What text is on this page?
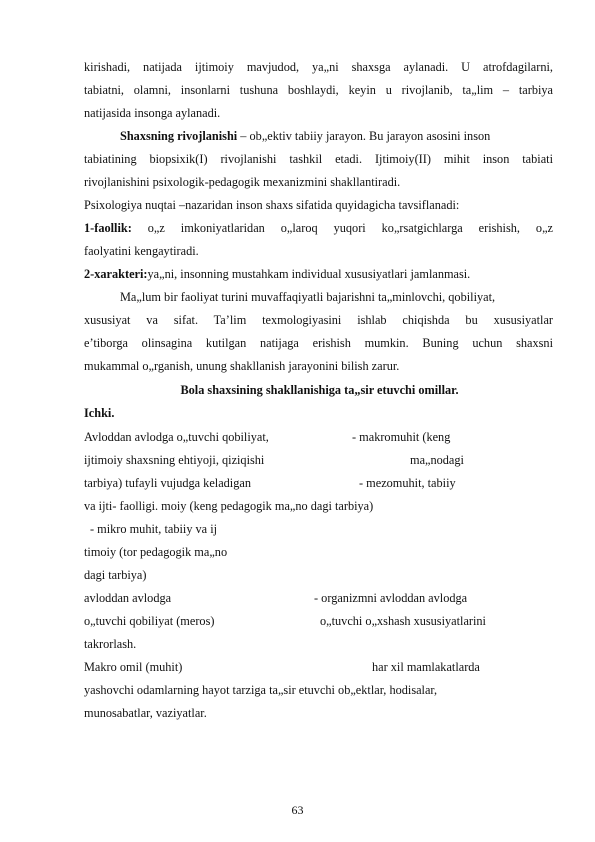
kirishadi, natijada ijtimoiy mavjudod, ya„ni shaxsga aylanadi. U atrofdagilarni,
tabiatni, olamni, insonlarni tushuna boshlaydi, keyin u rivojlanib, ta„lim – tarbiya
natijasida insonga aylanadi.
Shaxsning rivojlanishi – ob„ektiv tabiiy jarayon. Bu jarayon asosini inson
tabiatining biopsixik(I) rivojlanishi tashkil etadi. Ijtimoiy(II) mihit inson tabiati
rivojlanishini psixologik-pedagogik mexanizmini shakllantiradi.
Psixologiya nuqtai –nazaridan inson shaxs sifatida quyidagicha tavsiflanadi:
1-faollik: o„z imkoniyatlaridan o„laroq yuqori ko„rsatgichlarga erishish, o„z
faolyatini kengaytiradi.
2-xarakteri:ya„ni, insonning mustahkam individual xususiyatlari jamlanmasi.
Ma„lum bir faoliyat turini muvaffaqiyatli bajarishni ta„minlovchi, qobiliyat,
xususiyat va sifat. Ta’lim texmologiyasini ishlab chiqishda bu xususiyatlar
e’tiborga olinsagina kutilgan natijaga erishish mumkin. Buning uchun shaxsni
mukammal o„rganish, unung shakllanish jarayonini bilish zarur.
Bola shaxsining shakllanishiga ta„sir etuvchi omillar.
Ichki.
Avloddan avlodga o„tuvchi qobiliyat,	- makromuhit (keng
ijtimoiy shaxsning ehtiyoji, qiziqishi	ma„nodagi
tarbiya) tufayli vujudga keladigan	- mezomuhit, tabiiy
va ijti- faolligi. moiy (keng pedagogik ma„no dagi tarbiya)
- mikro muhit, tabiiy va ij
timoiy (tor pedagogik ma„no
dagi tarbiya)
avloddan avlodga	- organizmni avloddan avlodga
o„tuvchi qobiliyat (meros)	o„tuvchi o„xshash xususiyatlarini
takrorlash.
Makro omil (muhit)	har xil mamlakatlarda
yashovchi odamlarning hayot tarziga ta„sir etuvchi ob„ektlar, hodisalar,
munosabatlar, vaziyatlar.
63
